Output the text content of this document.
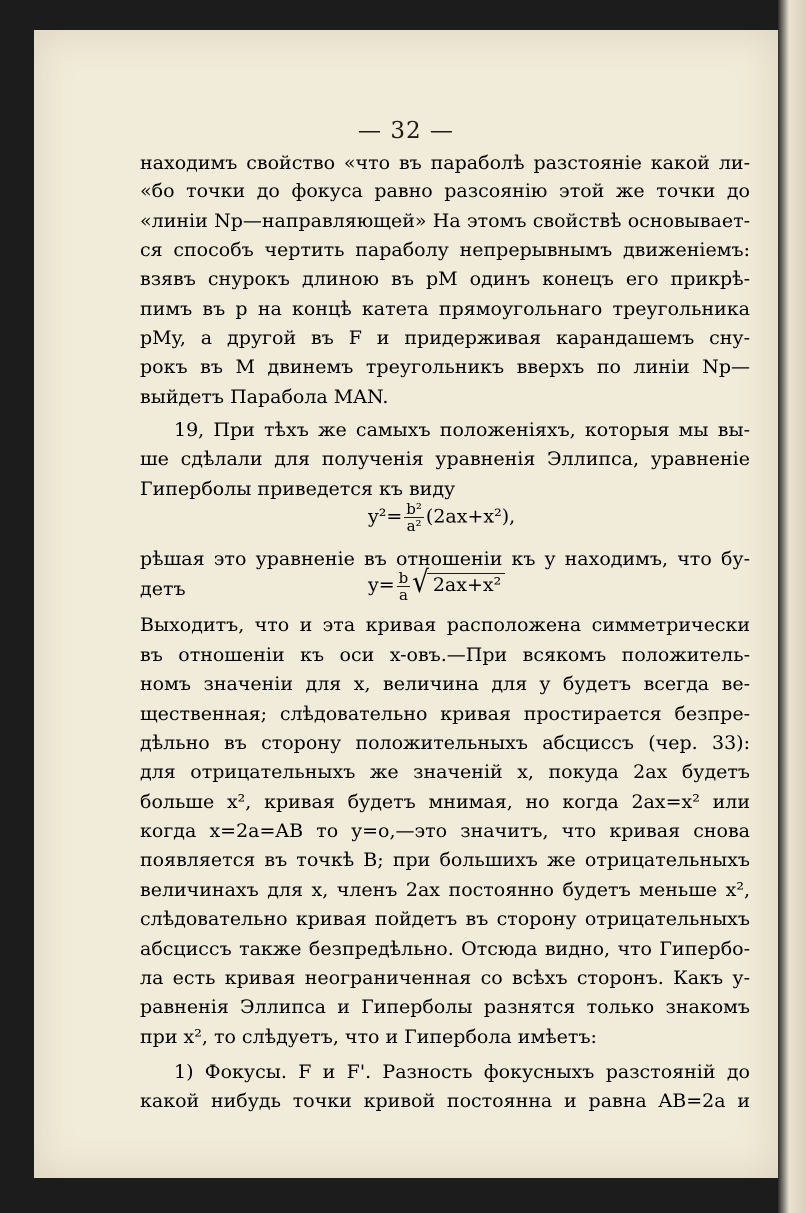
— 32 —
находимъ свойство «что въ параболѣ разстояніе какой ли-
«бо точки до фокуса равно разсоянію этой же точки до
«линіи Np—направляющей» На этомъ свойствѣ основывает-
ся способъ чертить параболу непрерывнымъ движеніемъ:
взявъ снурокъ длиною въ pM одинъ конецъ его прикрѣ-
пимъ въ p на концѣ катета прямоугольнаго треугольника
pMy, а другой въ F и придерживая карандашемъ сну-
рокъ въ M двинемъ треугольникъ вверхъ по линіи Np—
выйдетъ Парабола MAN.
19, При тѣхъ же самыхъ положеніяхъ, которыя мы вы-
ше сдѣлали для полученія уравненія Эллипса, уравненіе
Гиперболы приведется къ виду
$y^2= \frac{\text{b²}}{\text{a²}} (2ax+x^2)$,
рѣшая это уравненіе въ отношеніи къ y находимъ, что бу-
детъ	$y= \frac{b}{a}$ √ 2ax+x²
Выходитъ, что и эта кривая расположена симметрически
въ отношеніи къ оси x-овъ.—При всякомъ положитель-
номъ значеніи для x, величина для y будетъ всегда ве-
щественная; слѣдовательно кривая простирается безпре-
дѣльно въ сторону положительныхъ абсциссъ (чер. 33):
для отрицательныхъ же значеній x, покуда 2ax будетъ
больше x², кривая будетъ мнимая, но когда 2ax=x² или
когда x=2a=AB то y=o,—это значитъ, что кривая снова
появляется въ точкѣ B; при большихъ же отрицательныхъ
величинахъ для x, членъ 2ax постоянно будетъ меньше x²,
слѣдовательно кривая пойдетъ въ сторону отрицательныхъ
абсциссъ также безпредѣльно. Отсюда видно, что Гипербо-
ла есть кривая неограниченная со всѣхъ сторонъ. Какъ у-
равненія Эллипса и Гиперболы разнятся только знакомъ
при x², то слѣдуетъ, что и Гипербола имѣетъ:
1) Фокусы. F и F'. Разность фокусныхъ разстояній до
какой нибудь точки кривой постоянна и равна AB=2a и
